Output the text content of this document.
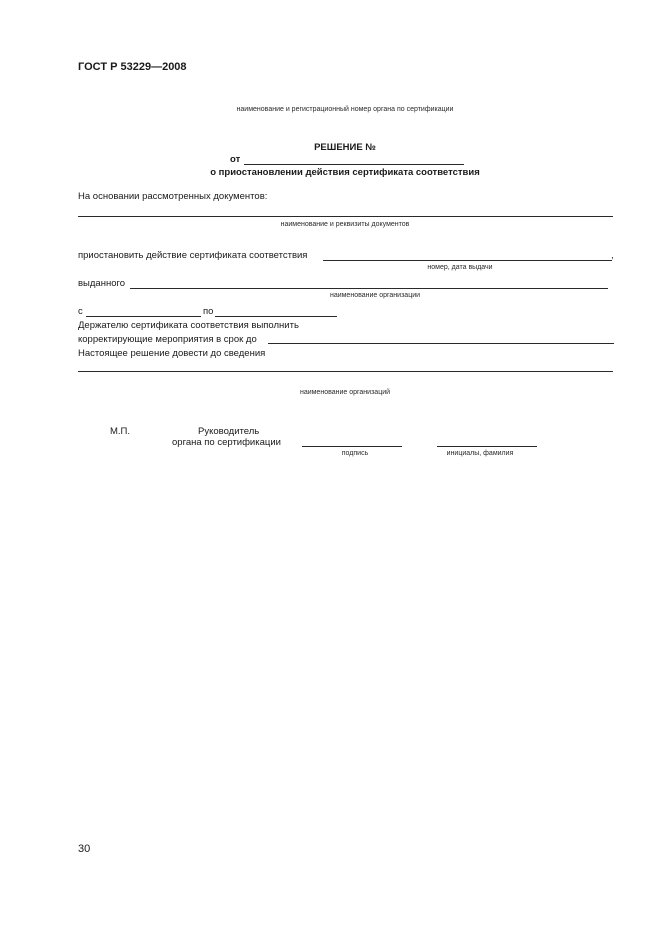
ГОСТ Р 53229—2008
наименование и регистрационный номер органа по сертификации
РЕШЕНИЕ №
от
о приостановлении действия сертификата соответствия
На основании рассмотренных документов:
наименование и реквизиты документов
приостановить действие сертификата соответствия	,
номер, дата выдачи
выданного
наименование организации
с	по
Держателю сертификата соответствия выполнить
корректирующие мероприятия в срок до
Настоящее решение довести до сведения
наименование организаций
М.П.	Руководитель
органа по сертификации
подпись	инициалы, фамилия
30
